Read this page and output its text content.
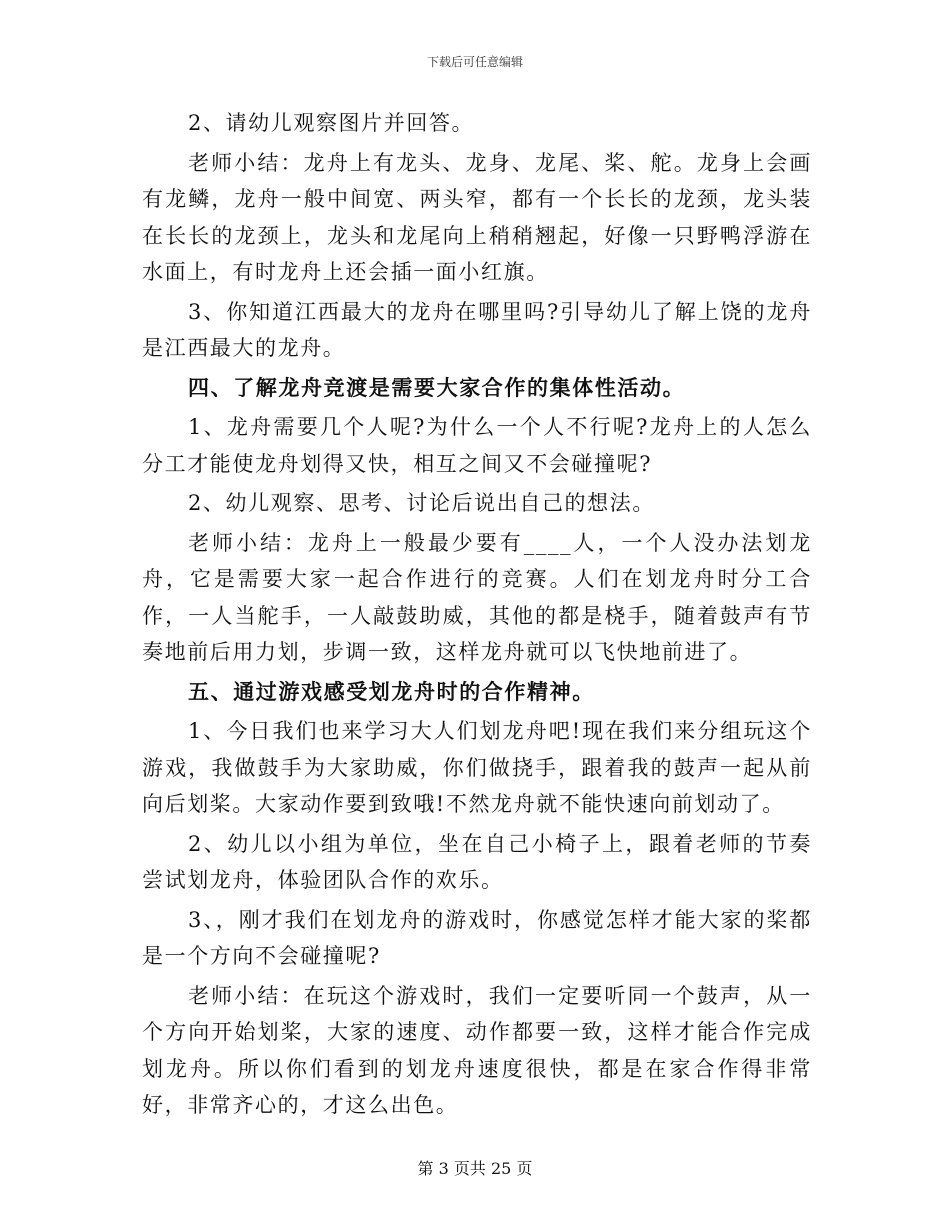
下载后可任意编辑

2、请幼儿观察图片并回答。

老师小结：龙舟上有龙头、龙身、龙尾、桨、舵。龙身上会画有龙鳞，龙舟一般中间宽、两头窄，都有一个长长的龙颈，龙头装在长长的龙颈上，龙头和龙尾向上稍稍翘起，好像一只野鸭浮游在水面上，有时龙舟上还会插一面小红旗。

3、你知道江西最大的龙舟在哪里吗?引导幼儿了解上饶的龙舟是江西最大的龙舟。

四、了解龙舟竞渡是需要大家合作的集体性活动。

1、龙舟需要几个人呢?为什么一个人不行呢?龙舟上的人怎么分工才能使龙舟划得又快，相互之间又不会碰撞呢?

2、幼儿观察、思考、讨论后说出自己的想法。

老师小结：龙舟上一般最少要有____人，一个人没办法划龙舟，它是需要大家一起合作进行的竞赛。人们在划龙舟时分工合作，一人当舵手，一人敲鼓助威，其他的都是桡手，随着鼓声有节奏地前后用力划，步调一致，这样龙舟就可以飞快地前进了。

五、通过游戏感受划龙舟时的合作精神。

1、今日我们也来学习大人们划龙舟吧!现在我们来分组玩这个游戏，我做鼓手为大家助威，你们做挠手，跟着我的鼓声一起从前向后划桨。大家动作要到致哦!不然龙舟就不能快速向前划动了。

2、幼儿以小组为单位，坐在自己小椅子上，跟着老师的节奏尝试划龙舟，体验团队合作的欢乐。

3、，刚才我们在划龙舟的游戏时，你感觉怎样才能大家的桨都是一个方向不会碰撞呢?

老师小结：在玩这个游戏时，我们一定要听同一个鼓声，从一个方向开始划桨，大家的速度、动作都要一致，这样才能合作完成划龙舟。所以你们看到的划龙舟速度很快，都是在家合作得非常好，非常齐心的，才这么出色。

第 3 页共 25 页
